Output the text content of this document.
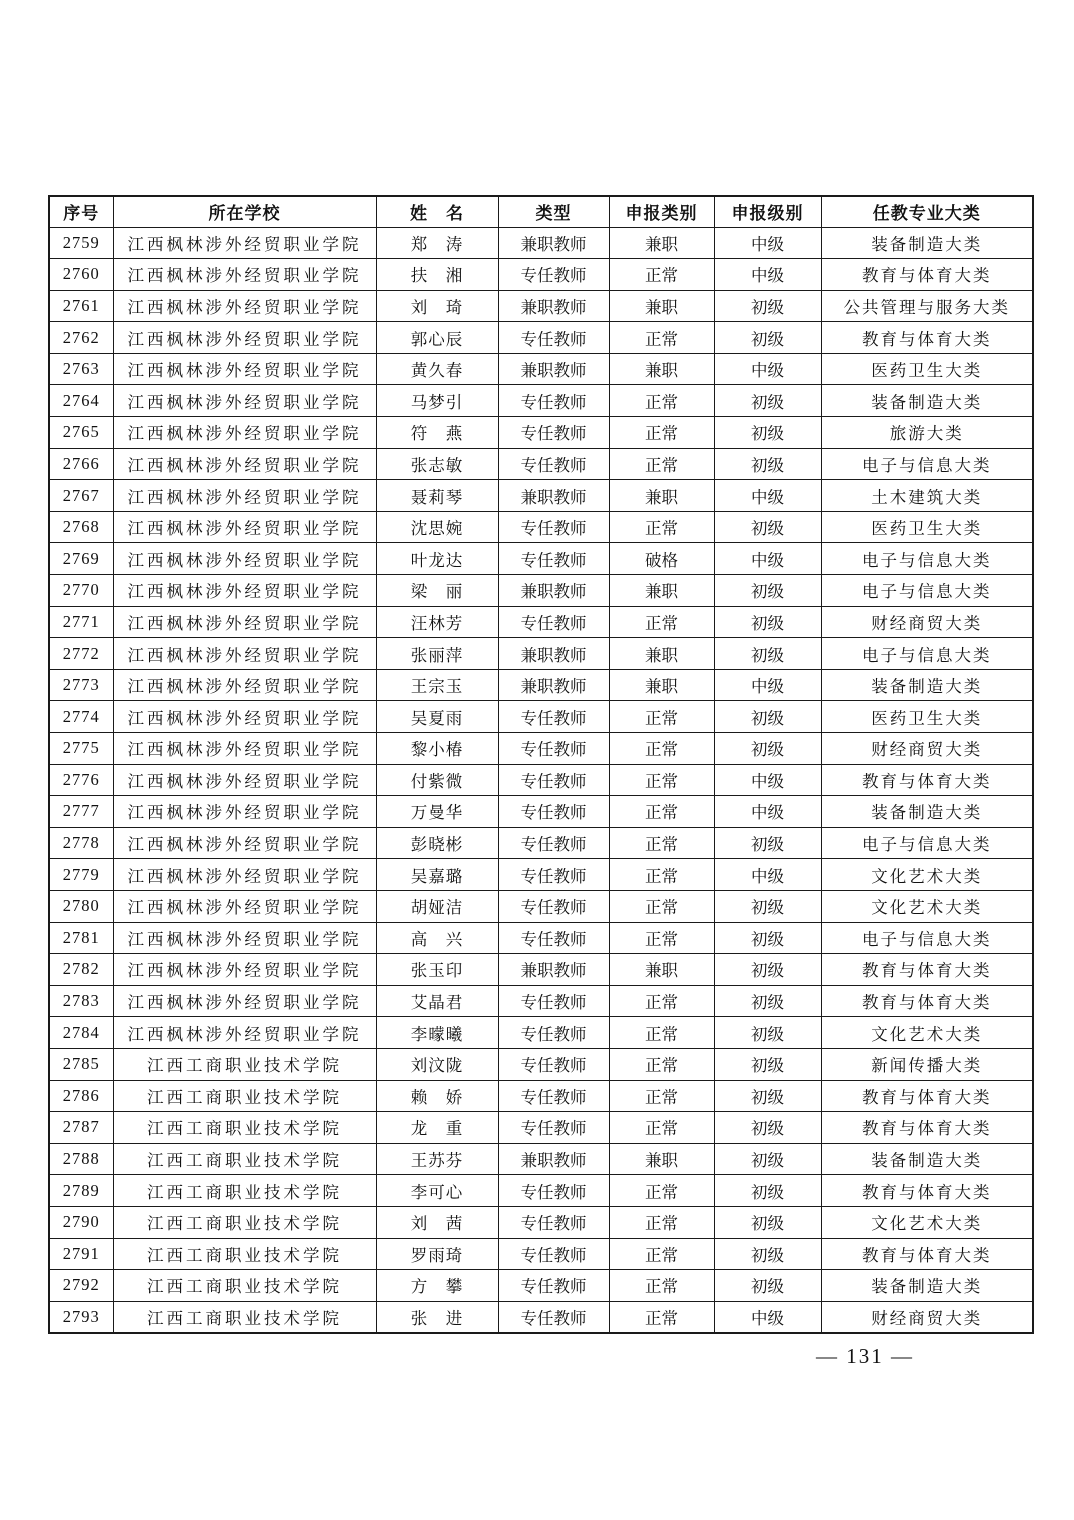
序号	所在学校	姓　名	类型	申报类别	申报级别	任教专业大类
2759	江西枫林涉外经贸职业学院	郑　涛	兼职教师	兼职	中级	装备制造大类
2760	江西枫林涉外经贸职业学院	扶　湘	专任教师	正常	中级	教育与体育大类
2761	江西枫林涉外经贸职业学院	刘　琦	兼职教师	兼职	初级	公共管理与服务大类
2762	江西枫林涉外经贸职业学院	郭心辰	专任教师	正常	初级	教育与体育大类
2763	江西枫林涉外经贸职业学院	黄久春	兼职教师	兼职	中级	医药卫生大类
2764	江西枫林涉外经贸职业学院	马梦引	专任教师	正常	初级	装备制造大类
2765	江西枫林涉外经贸职业学院	符　燕	专任教师	正常	初级	旅游大类
2766	江西枫林涉外经贸职业学院	张志敏	专任教师	正常	初级	电子与信息大类
2767	江西枫林涉外经贸职业学院	聂莉琴	兼职教师	兼职	中级	土木建筑大类
2768	江西枫林涉外经贸职业学院	沈思婉	专任教师	正常	初级	医药卫生大类
2769	江西枫林涉外经贸职业学院	叶龙达	专任教师	破格	中级	电子与信息大类
2770	江西枫林涉外经贸职业学院	梁　丽	兼职教师	兼职	初级	电子与信息大类
2771	江西枫林涉外经贸职业学院	汪林芳	专任教师	正常	初级	财经商贸大类
2772	江西枫林涉外经贸职业学院	张丽萍	兼职教师	兼职	初级	电子与信息大类
2773	江西枫林涉外经贸职业学院	王宗玉	兼职教师	兼职	中级	装备制造大类
2774	江西枫林涉外经贸职业学院	吴夏雨	专任教师	正常	初级	医药卫生大类
2775	江西枫林涉外经贸职业学院	黎小椿	专任教师	正常	初级	财经商贸大类
2776	江西枫林涉外经贸职业学院	付紫微	专任教师	正常	中级	教育与体育大类
2777	江西枫林涉外经贸职业学院	万曼华	专任教师	正常	中级	装备制造大类
2778	江西枫林涉外经贸职业学院	彭晓彬	专任教师	正常	初级	电子与信息大类
2779	江西枫林涉外经贸职业学院	吴嘉璐	专任教师	正常	中级	文化艺术大类
2780	江西枫林涉外经贸职业学院	胡娅洁	专任教师	正常	初级	文化艺术大类
2781	江西枫林涉外经贸职业学院	高　兴	专任教师	正常	初级	电子与信息大类
2782	江西枫林涉外经贸职业学院	张玉印	兼职教师	兼职	初级	教育与体育大类
2783	江西枫林涉外经贸职业学院	艾晶君	专任教师	正常	初级	教育与体育大类
2784	江西枫林涉外经贸职业学院	李曚曦	专任教师	正常	初级	文化艺术大类
2785	江西工商职业技术学院	刘汶陇	专任教师	正常	初级	新闻传播大类
2786	江西工商职业技术学院	赖　娇	专任教师	正常	初级	教育与体育大类
2787	江西工商职业技术学院	龙　重	专任教师	正常	初级	教育与体育大类
2788	江西工商职业技术学院	王苏芬	兼职教师	兼职	初级	装备制造大类
2789	江西工商职业技术学院	李可心	专任教师	正常	初级	教育与体育大类
2790	江西工商职业技术学院	刘　茜	专任教师	正常	初级	文化艺术大类
2791	江西工商职业技术学院	罗雨琦	专任教师	正常	初级	教育与体育大类
2792	江西工商职业技术学院	方　攀	专任教师	正常	初级	装备制造大类
2793	江西工商职业技术学院	张　进	专任教师	正常	中级	财经商贸大类
— 131 —
